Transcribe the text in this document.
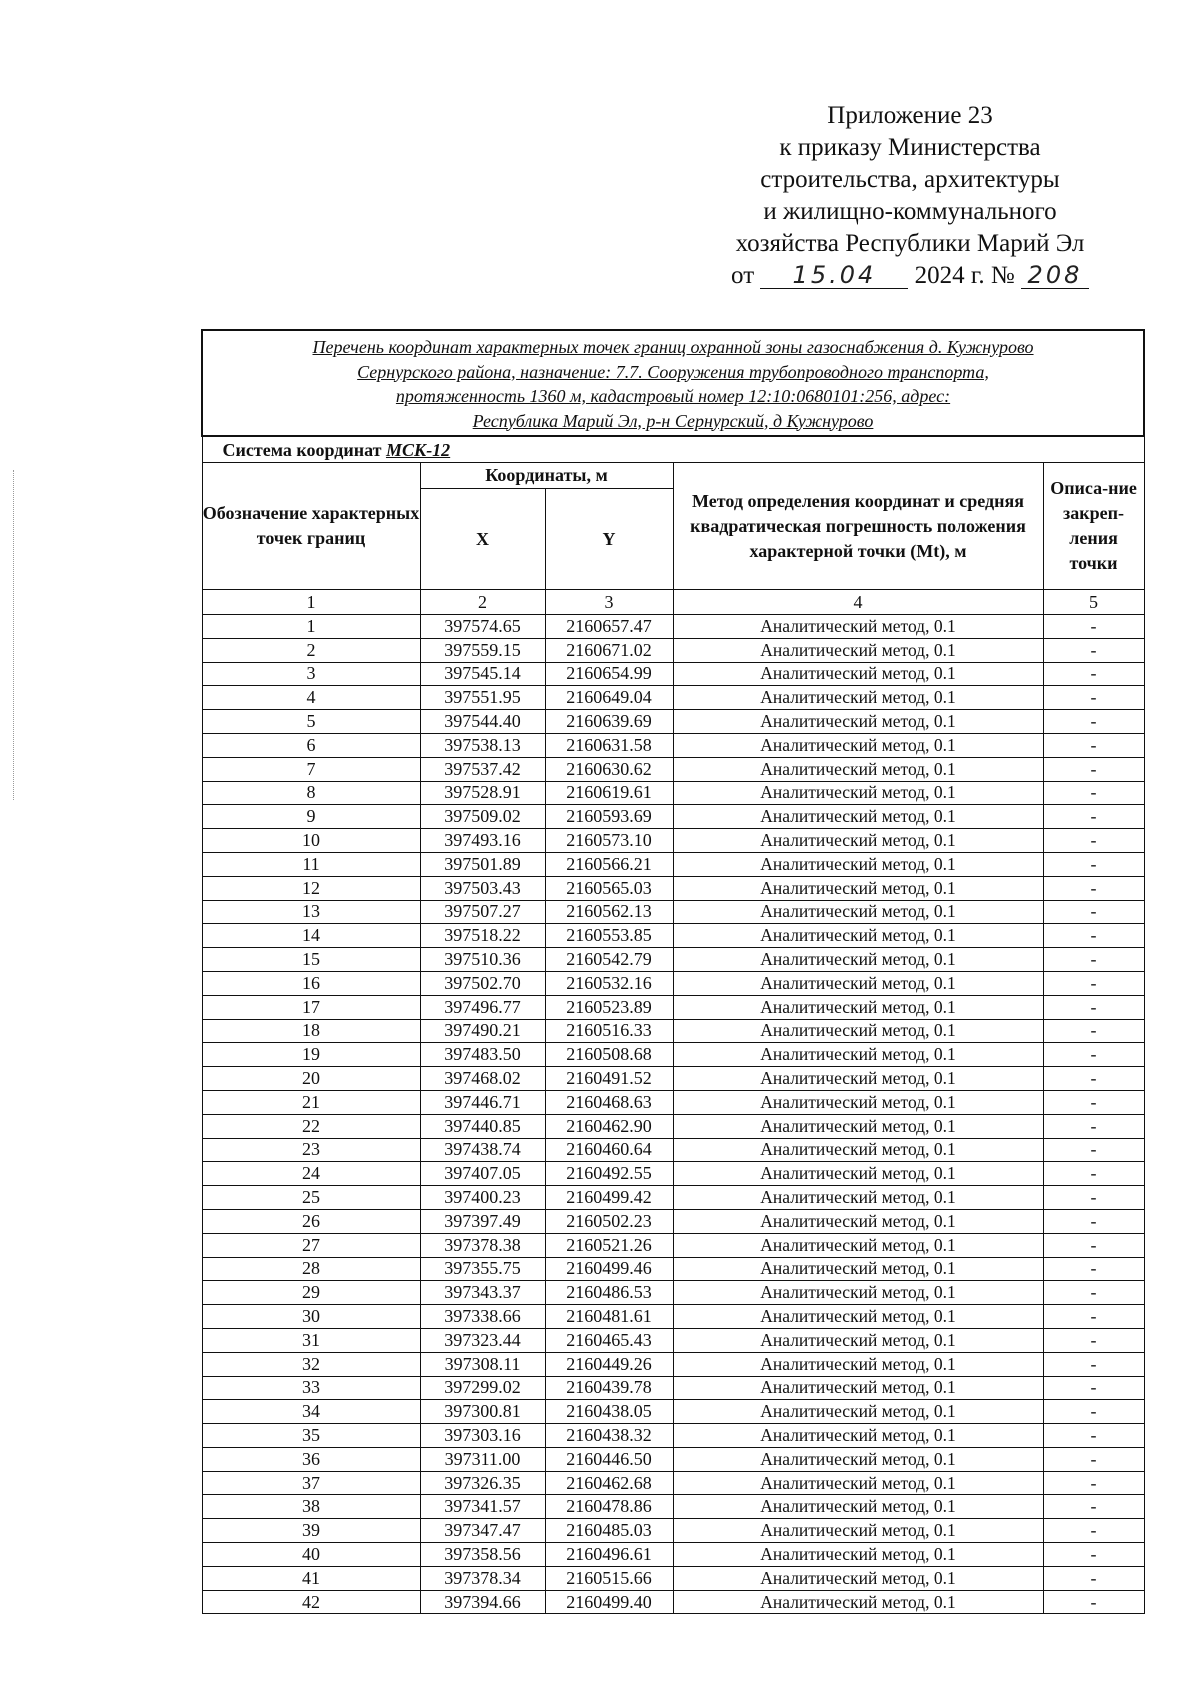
Приложение 23
к приказу Министерства
строительства, архитектуры
и жилищно-коммунального
хозяйства Республики Марий Эл
от 15.04 2024 г. № 208
Перечень координат характерных точек границ охранной зоны газоснабжения д. Кужнурово
Сернурского района, назначение: 7.7. Сооружения трубопроводного транспорта,
протяженность 1360 м, кадастровый номер 12:10:0680101:256, адрес:
Республика Марий Эл, р-н Сернурский, д Кужнурово				

Система координат МСК-12				
Обозначение характерных точек границ	Координаты, м		Метод определения координат и средняя квадратическая погрешность положения характерной точки (Mt), м	Описа-ние закреп-ления точки
	X	Y		
1	2	3	4	5
1	397574.65	2160657.47	Аналитический метод, 0.1	-
2	397559.15	2160671.02	Аналитический метод, 0.1	-
3	397545.14	2160654.99	Аналитический метод, 0.1	-
4	397551.95	2160649.04	Аналитический метод, 0.1	-
5	397544.40	2160639.69	Аналитический метод, 0.1	-
6	397538.13	2160631.58	Аналитический метод, 0.1	-
7	397537.42	2160630.62	Аналитический метод, 0.1	-
8	397528.91	2160619.61	Аналитический метод, 0.1	-
9	397509.02	2160593.69	Аналитический метод, 0.1	-
10	397493.16	2160573.10	Аналитический метод, 0.1	-
11	397501.89	2160566.21	Аналитический метод, 0.1	-
12	397503.43	2160565.03	Аналитический метод, 0.1	-
13	397507.27	2160562.13	Аналитический метод, 0.1	-
14	397518.22	2160553.85	Аналитический метод, 0.1	-
15	397510.36	2160542.79	Аналитический метод, 0.1	-
16	397502.70	2160532.16	Аналитический метод, 0.1	-
17	397496.77	2160523.89	Аналитический метод, 0.1	-
18	397490.21	2160516.33	Аналитический метод, 0.1	-
19	397483.50	2160508.68	Аналитический метод, 0.1	-
20	397468.02	2160491.52	Аналитический метод, 0.1	-
21	397446.71	2160468.63	Аналитический метод, 0.1	-
22	397440.85	2160462.90	Аналитический метод, 0.1	-
23	397438.74	2160460.64	Аналитический метод, 0.1	-
24	397407.05	2160492.55	Аналитический метод, 0.1	-
25	397400.23	2160499.42	Аналитический метод, 0.1	-
26	397397.49	2160502.23	Аналитический метод, 0.1	-
27	397378.38	2160521.26	Аналитический метод, 0.1	-
28	397355.75	2160499.46	Аналитический метод, 0.1	-
29	397343.37	2160486.53	Аналитический метод, 0.1	-
30	397338.66	2160481.61	Аналитический метод, 0.1	-
31	397323.44	2160465.43	Аналитический метод, 0.1	-
32	397308.11	2160449.26	Аналитический метод, 0.1	-
33	397299.02	2160439.78	Аналитический метод, 0.1	-
34	397300.81	2160438.05	Аналитический метод, 0.1	-
35	397303.16	2160438.32	Аналитический метод, 0.1	-
36	397311.00	2160446.50	Аналитический метод, 0.1	-
37	397326.35	2160462.68	Аналитический метод, 0.1	-
38	397341.57	2160478.86	Аналитический метод, 0.1	-
39	397347.47	2160485.03	Аналитический метод, 0.1	-
40	397358.56	2160496.61	Аналитический метод, 0.1	-
41	397378.34	2160515.66	Аналитический метод, 0.1	-
42	397394.66	2160499.40	Аналитический метод, 0.1	-
